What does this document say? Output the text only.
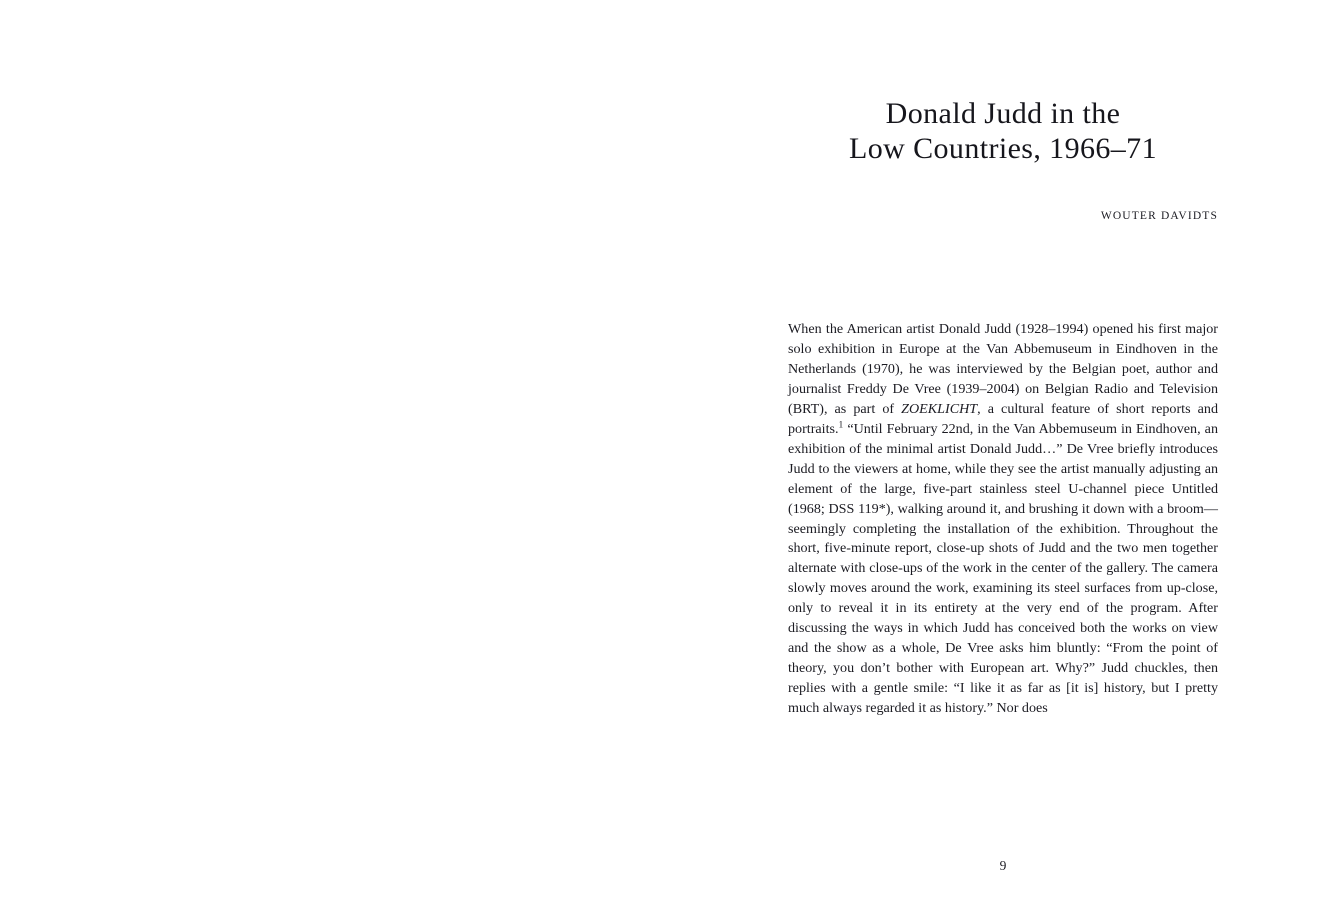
Donald Judd in the
Low Countries, 1966–71
WOUTER DAVIDTS

When the American artist Donald Judd (1928–1994) opened his first major solo exhibition in Europe at the Van Abbemuseum in Eindhoven in the Netherlands (1970), he was interviewed by the Belgian poet, author and journalist Freddy De Vree (1939–2004) on Belgian Radio and Television (BRT), as part of ZOEKLICHT, a cultural feature of short reports and portraits.$^1$ “Until February 22nd, in the Van Abbemuseum in Eindhoven, an exhibition of the minimal artist Donald Judd…” De Vree briefly introduces Judd to the viewers at home, while they see the artist manually adjusting an element of the large, five-part stainless steel U-channel piece Untitled (1968; DSS 119*), walking around it, and brushing it down with a broom—seemingly completing the installation of the exhibition. Throughout the short, five-minute report, close-up shots of Judd and the two men together alternate with close-ups of the work in the center of the gallery. The camera slowly moves around the work, examining its steel surfaces from up-close, only to reveal it in its entirety at the very end of the program. After discussing the ways in which Judd has conceived both the works on view and the show as a whole, De Vree asks him bluntly: “From the point of theory, you don’t bother with European art. Why?” Judd chuckles, then replies with a gentle smile: “I like it as far as [it is] history, but I pretty much always regarded it as history.” Nor does

9
